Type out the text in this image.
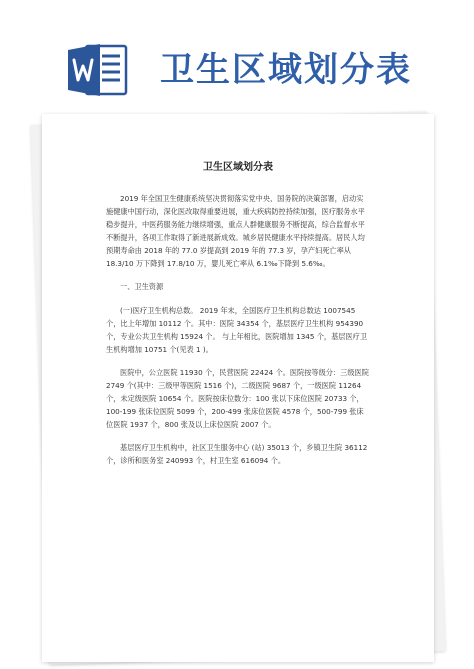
卫生区域划分表
卫生区域划分表

2019 年全国卫生健康系统坚决贯彻落实党中央、国务院的决策部署，启动实施健康中国行动，深化医改取得重要进展，重大疾病防控持续加强，医疗服务水平稳步提升，中医药服务能力继续增强，重点人群健康服务不断提高，综合监督水平不断提升，各项工作取得了新进展新成效。城乡居民健康水平持续提高。居民人均预期寿命由 2018 年的 77.0 岁提高到 2019 年的 77.3 岁，孕产妇死亡率从 18.3/10 万下降到 17.8/10 万，婴儿死亡率从 6.1‰下降到 5.6‰。

一、卫生资源

(一)医疗卫生机构总数。 2019 年末，全国医疗卫生机构总数达 1007545 个，比上年增加 10112 个。其中：医院 34354 个，基层医疗卫生机构 954390 个，专业公共卫生机构 15924 个。 与上年相比，医院增加 1345 个，基层医疗卫生机构增加 10751 个(见表 1 )。

医院中，公立医院 11930 个，民营医院 22424 个。医院按等级分：三级医院 2749 个(其中：三级甲等医院 1516 个)，二级医院 9687 个，一级医院 11264 个，未定级医院 10654 个。医院按床位数分：100 张以下床位医院 20733 个，100-199 张床位医院 5099 个，200-499 张床位医院 4578 个，500-799 张床位医院 1937 个，800 张及以上床位医院 2007 个。

基层医疗卫生机构中，社区卫生服务中心 (站) 35013 个，乡镇卫生院 36112 个，诊所和医务室 240993 个，村卫生室 616094 个。
